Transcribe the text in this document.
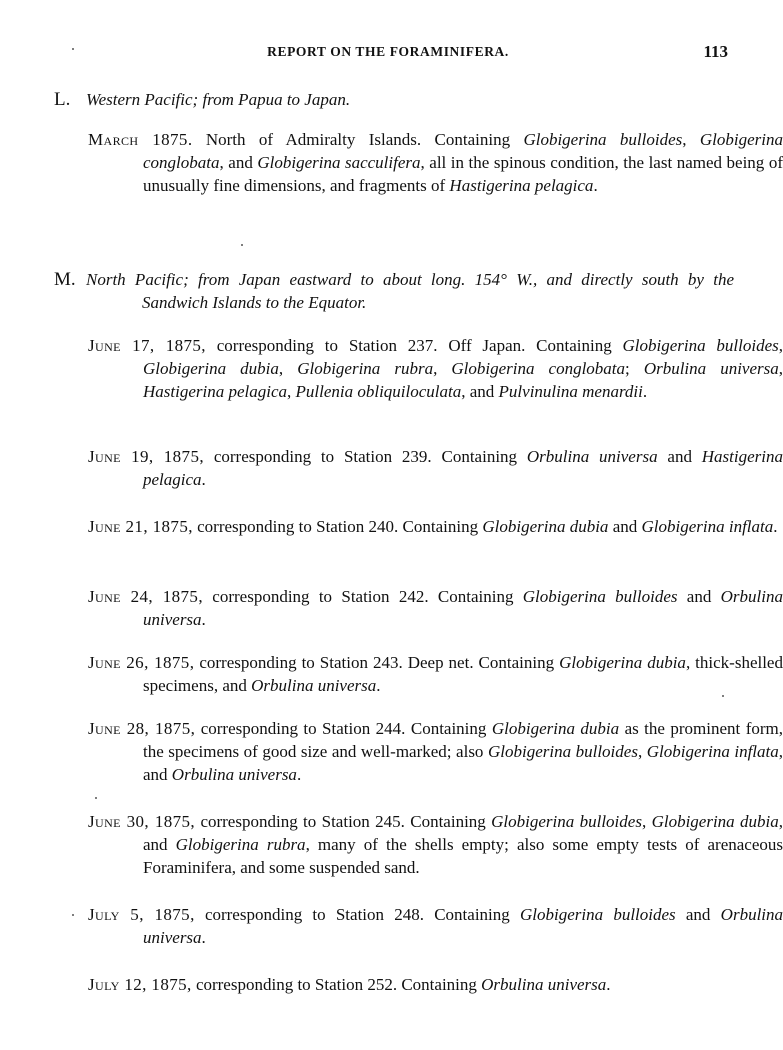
REPORT ON THE FORAMINIFERA.	113
L. Western Pacific; from Papua to Japan.
March 1875. North of Admiralty Islands. Containing Globigerina bulloides, Globigerina conglobata, and Globigerina sacculifera, all in the spinous condition, the last named being of unusually fine dimensions, and fragments of Hastigerina pelagica.
M. North Pacific; from Japan eastward to about long. 154° W., and directly south by the Sandwich Islands to the Equator.
June 17, 1875, corresponding to Station 237. Off Japan. Containing Globigerina bulloides, Globigerina dubia, Globigerina rubra, Globigerina conglobata; Orbulina universa, Hastigerina pelagica, Pullenia obliquiloculata, and Pulvinulina menardii.
June 19, 1875, corresponding to Station 239. Containing Orbulina universa and Hastigerina pelagica.
June 21, 1875, corresponding to Station 240. Containing Globigerina dubia and Globigerina inflata.
June 24, 1875, corresponding to Station 242. Containing Globigerina bulloides and Orbulina universa.
June 26, 1875, corresponding to Station 243. Deep net. Containing Globigerina dubia, thick-shelled specimens, and Orbulina universa.
June 28, 1875, corresponding to Station 244. Containing Globigerina dubia as the prominent form, the specimens of good size and well-marked; also Globigerina bulloides, Globigerina inflata, and Orbulina universa.
June 30, 1875, corresponding to Station 245. Containing Globigerina bulloides, Globigerina dubia, and Globigerina rubra, many of the shells empty; also some empty tests of arenaceous Foraminifera, and some suspended sand.
July 5, 1875, corresponding to Station 248. Containing Globigerina bulloides and Orbulina universa.
July 12, 1875, corresponding to Station 252. Containing Orbulina universa.
